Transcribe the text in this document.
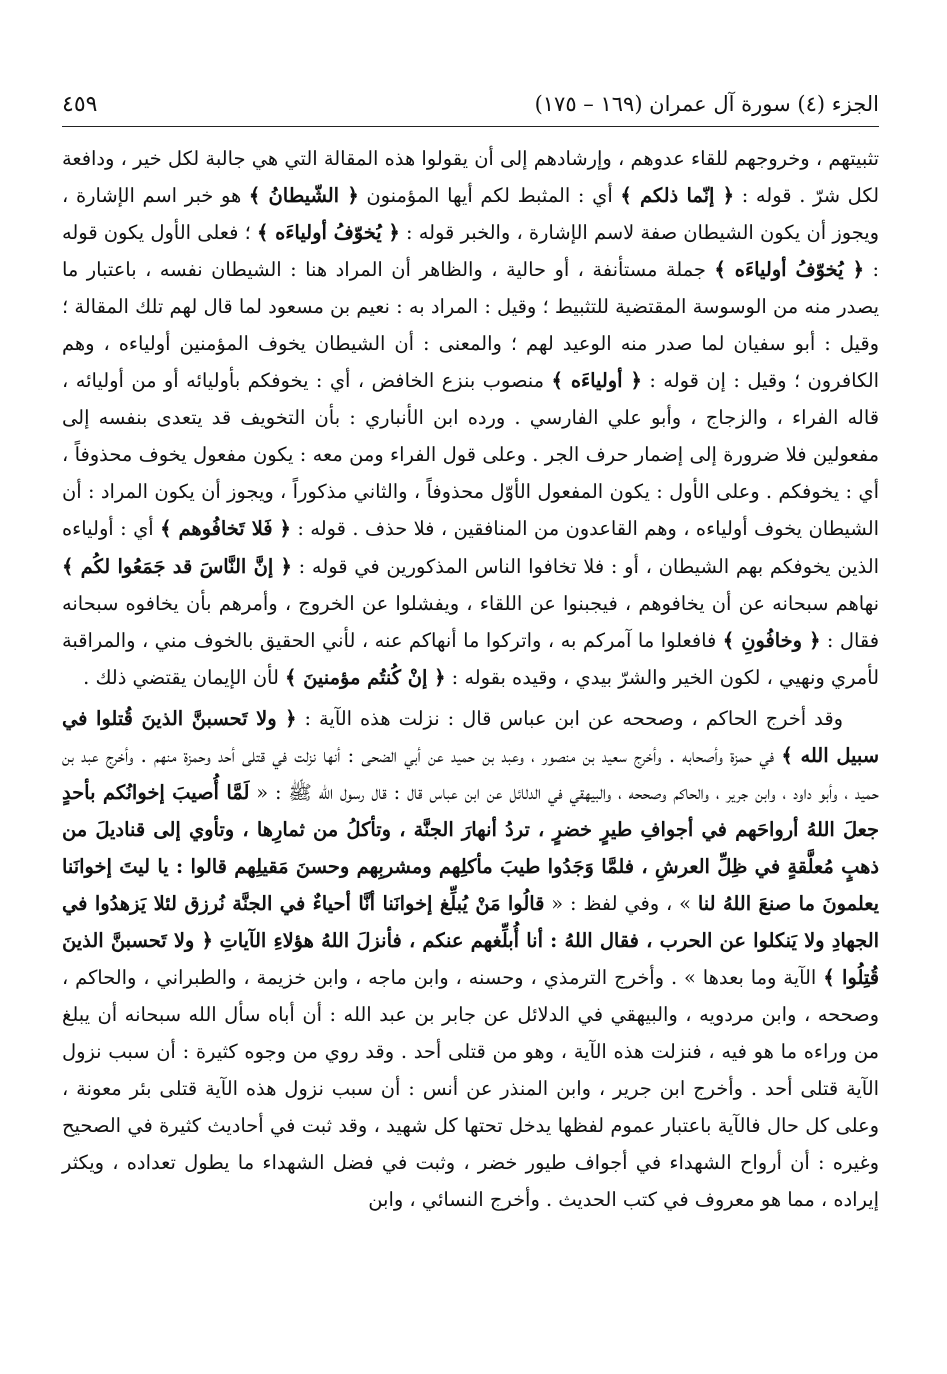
الجزء (٤) سورة آل عمران (١٦٩ – ١٧٥)
٤٥٩

تثبيتهم ، وخروجهم للقاء عدوهم ، وإرشادهم إلى أن يقولوا هذه المقالة التي هي جالبة لكل خير ، ودافعة لكل شرّ . قوله : ﴿ إنّما ذلكم ﴾ أي : المثبط لكم أيها المؤمنون ﴿ الشّيطانُ ﴾ هو خبر اسم الإشارة ، ويجوز أن يكون الشيطان صفة لاسم الإشارة ، والخبر قوله : ﴿ يُخوّفُ أولياءَه ﴾ ؛ فعلى الأول يكون قوله : ﴿ يُخوّفُ أولياءَه ﴾ جملة مستأنفة ، أو حالية ، والظاهر أن المراد هنا : الشيطان نفسه ، باعتبار ما يصدر منه من الوسوسة المقتضية للتثبيط ؛ وقيل : المراد به : نعيم بن مسعود لما قال لهم تلك المقالة ؛ وقيل : أبو سفيان لما صدر منه الوعيد لهم ؛ والمعنى : أن الشيطان يخوف المؤمنين أولياءه ، وهم الكافرون ؛ وقيل : إن قوله : ﴿ أولياءَه ﴾ منصوب بنزع الخافض ، أي : يخوفكم بأوليائه أو من أوليائه ، قاله الفراء ، والزجاج ، وأبو علي الفارسي . ورده ابن الأنباري : بأن التخويف قد يتعدى بنفسه إلى مفعولين فلا ضرورة إلى إضمار حرف الجر . وعلى قول الفراء ومن معه : يكون مفعول يخوف محذوفاً ، أي : يخوفكم . وعلى الأول : يكون المفعول الأوّل محذوفاً ، والثاني مذكوراً ، ويجوز أن يكون المراد : أن الشيطان يخوف أولياءه ، وهم القاعدون من المنافقين ، فلا حذف . قوله : ﴿ فَلا تَخافُوهم ﴾ أي : أولياءه الذين يخوفكم بهم الشيطان ، أو : فلا تخافوا الناس المذكورين في قوله : ﴿ إنَّ النَّاسَ قد جَمَعُوا لكُم ﴾ نهاهم سبحانه عن أن يخافوهم ، فيجبنوا عن اللقاء ، ويفشلوا عن الخروج ، وأمرهم بأن يخافوه سبحانه فقال : ﴿ وخافُونِ ﴾ فافعلوا ما آمركم به ، واتركوا ما أنهاكم عنه ، لأني الحقيق بالخوف مني ، والمراقبة لأمري ونهيي ، لكون الخير والشرّ بيدي ، وقيده بقوله : ﴿ إنْ كُنتُم مؤمنينَ ﴾ لأن الإيمان يقتضي ذلك .

وقد أخرج الحاكم ، وصححه عن ابن عباس قال : نزلت هذه الآية : ﴿ ولا تَحسبنَّ الذينَ قُتلوا في سبيل الله ﴾ في حمزة وأصحابه . وأخرج سعيد بن منصور ، وعبد بن حميد عن أبي الضحى : أنها نزلت في قتلى أحد وحمزة منهم . وأخرج عبد بن حميد ، وأبو داود ، وابن جرير ، والحاكم وصححه ، والبيهقي في الدلائل عن ابن عباس قال : قال رسول الله ﷺ : « لَمَّا أُصيبَ إخوانُكم بأحدٍ جعلَ اللهُ أرواحَهم في أجوافِ طيرٍ خضرٍ ، تردُ أنهارَ الجنَّة ، وتأكلُ من ثمارِها ، وتأوي إلى قناديلَ من ذهبٍ مُعلَّقةٍ في ظِلِّ العرشِ ، فلمَّا وَجَدُوا طيبَ مأكلِهم ومشربِهم وحسنَ مَقيلِهم قالوا : يا ليتَ إخوانَنا يعلمونَ ما صنعَ اللهُ لنا » ، وفي لفظ : « قالُوا مَنْ يُبلِّغ إخوانَنا أنَّا أحياءٌ في الجنَّة نُرزق لئلا يَزهدُوا في الجهادِ ولا يَنكلوا عن الحرب ، فقال اللهُ : أنا أُبلِّغهم عنكم ، فأنزلَ اللهُ هؤلاءِ الآياتِ ﴿ ولا تَحسبنَّ الذينَ قُتِلُوا ﴾ الآية وما بعدها » . وأخرج الترمذي ، وحسنه ، وابن ماجه ، وابن خزيمة ، والطبراني ، والحاكم ، وصححه ، وابن مردويه ، والبيهقي في الدلائل عن جابر بن عبد الله : أن أباه سأل الله سبحانه أن يبلغ من وراءه ما هو فيه ، فنزلت هذه الآية ، وهو من قتلى أحد . وقد روي من وجوه كثيرة : أن سبب نزول الآية قتلى أحد . وأخرج ابن جرير ، وابن المنذر عن أنس : أن سبب نزول هذه الآية قتلى بئر معونة ، وعلى كل حال فالآية باعتبار عموم لفظها يدخل تحتها كل شهيد ، وقد ثبت في أحاديث كثيرة في الصحيح وغيره : أن أرواح الشهداء في أجواف طيور خضر ، وثبت في فضل الشهداء ما يطول تعداده ، ويكثر إيراده ، مما هو معروف في كتب الحديث . وأخرج النسائي ، وابن
